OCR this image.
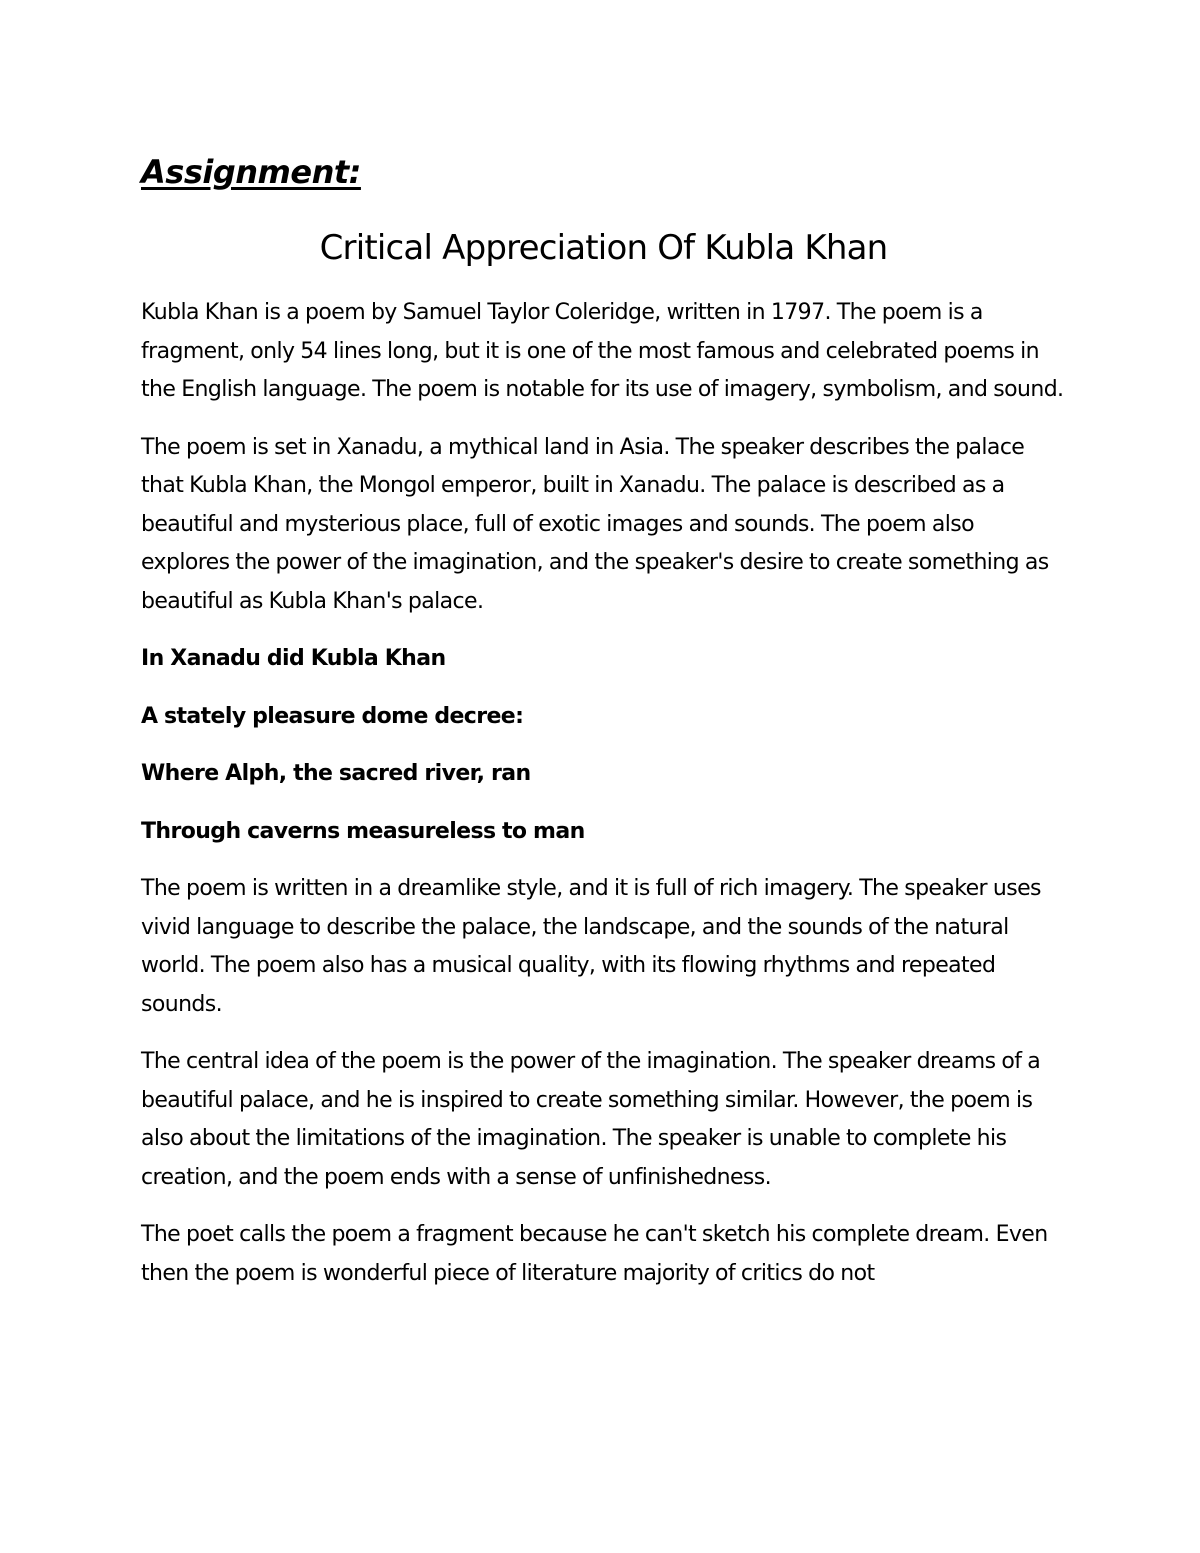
Assignment:
Critical Appreciation Of Kubla Khan

Kubla Khan is a poem by Samuel Taylor Coleridge, written in 1797. The poem is a fragment, only 54 lines long, but it is one of the most famous and celebrated poems in the English language. The poem is notable for its use of imagery, symbolism, and sound.

The poem is set in Xanadu, a mythical land in Asia. The speaker describes the palace that Kubla Khan, the Mongol emperor, built in Xanadu. The palace is described as a beautiful and mysterious place, full of exotic images and sounds. The poem also explores the power of the imagination, and the speaker's desire to create something as beautiful as Kubla Khan's palace.

In Xanadu did Kubla Khan

A stately pleasure dome decree:

Where Alph, the sacred river, ran

Through caverns measureless to man

The poem is written in a dreamlike style, and it is full of rich imagery. The speaker uses vivid language to describe the palace, the landscape, and the sounds of the natural world. The poem also has a musical quality, with its flowing rhythms and repeated sounds.

The central idea of the poem is the power of the imagination. The speaker dreams of a beautiful palace, and he is inspired to create something similar. However, the poem is also about the limitations of the imagination. The speaker is unable to complete his creation, and the poem ends with a sense of unfinishedness.

The poet calls the poem a fragment because he can't sketch his complete dream. Even then the poem is wonderful piece of literature majority of critics do not
